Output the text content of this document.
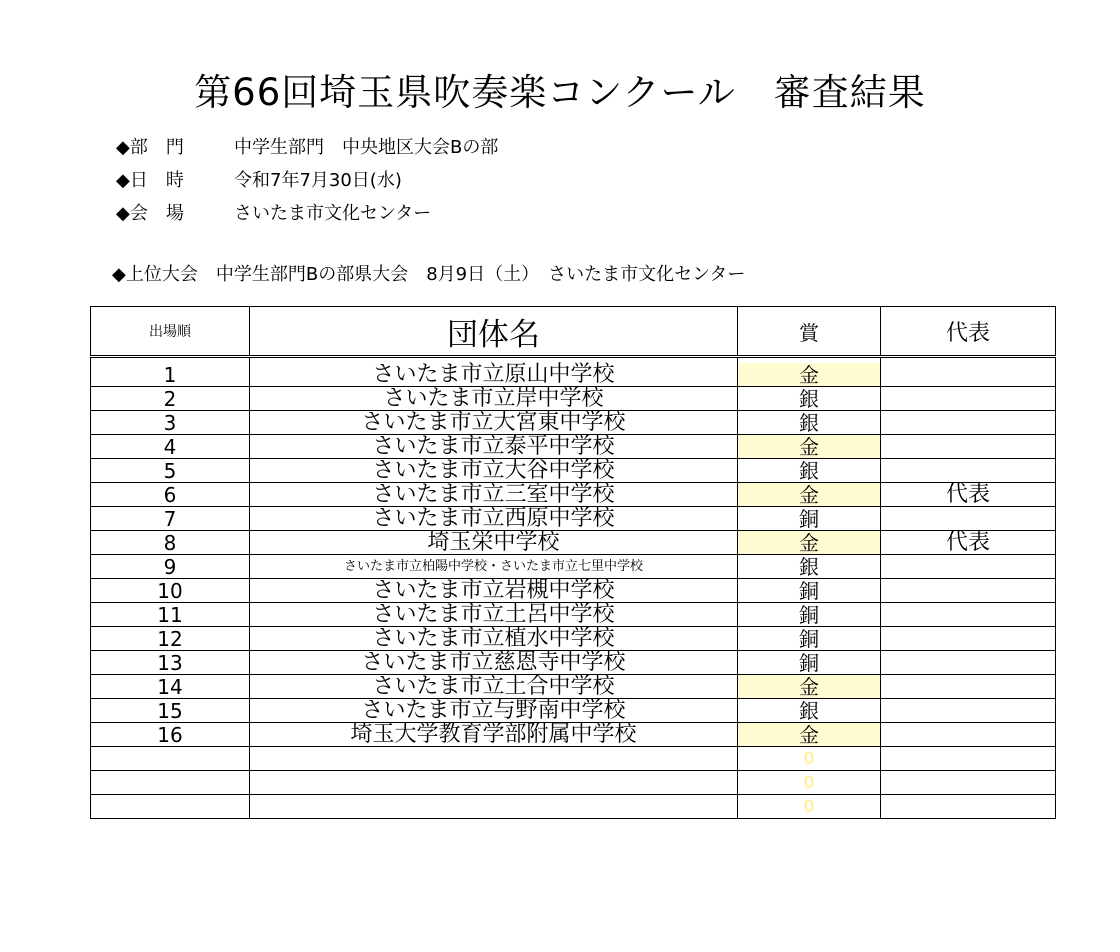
第66回埼玉県吹奏楽コンクール　審査結果
◆部　門	中学生部門　中央地区大会Bの部
◆日　時	令和7年7月30日(水)
◆会　場	さいたま市文化センター
◆上位大会　中学生部門Bの部県大会　8月9日（土）　さいたま市文化センター
出場順	団体名	賞	代表

1	さいたま市立原山中学校	金	
2	さいたま市立岸中学校	銀	
3	さいたま市立大宮東中学校	銀	
4	さいたま市立泰平中学校	金	
5	さいたま市立大谷中学校	銀	
6	さいたま市立三室中学校	金	代表
7	さいたま市立西原中学校	銅	
8	埼玉栄中学校	金	代表
9	さいたま市立柏陽中学校・さいたま市立七里中学校	銀	
10	さいたま市立岩槻中学校	銅	
11	さいたま市立土呂中学校	銅	
12	さいたま市立植水中学校	銅	
13	さいたま市立慈恩寺中学校	銅	
14	さいたま市立土合中学校	金	
15	さいたま市立与野南中学校	銀	
16	埼玉大学教育学部附属中学校	金	
		0	
		0	
		0	
